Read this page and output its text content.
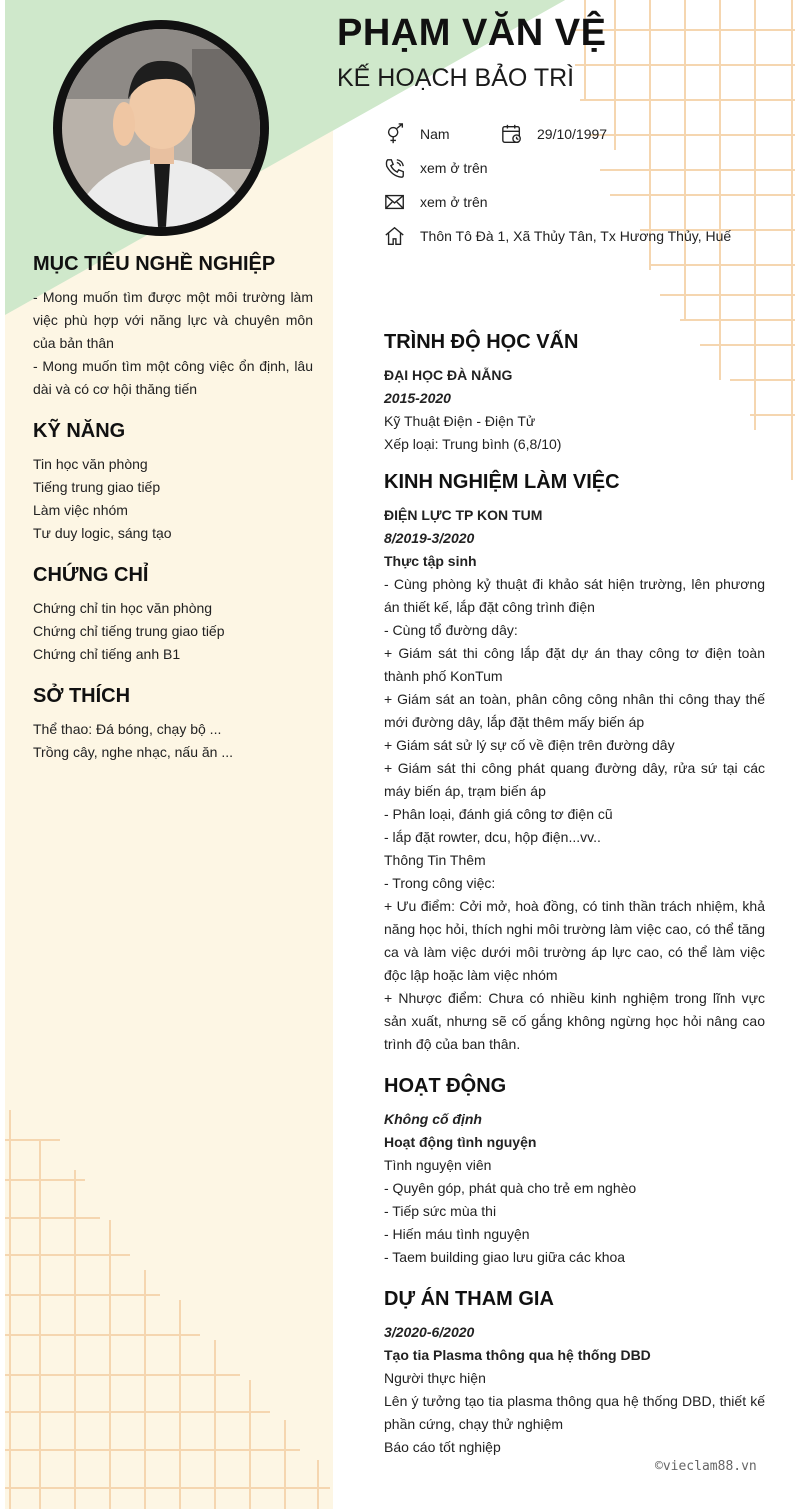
PHẠM VĂN VỆ
KẾ HOẠCH BẢO TRÌ
Nam	29/10/1997
xem ở trên
xem ở trên
Thôn Tô Đà 1, Xã Thủy Tân, Tx Hương Thủy, Huế
MỤC TIÊU NGHỀ NGHIỆP
- Mong muốn tìm được một môi trường làm việc phù hợp với năng lực và chuyên môn của bản thân
- Mong muốn tìm một công việc ổn định, lâu dài và có cơ hội thăng tiến
KỸ NĂNG
Tin học văn phòng
Tiếng trung giao tiếp
Làm việc nhóm
Tư duy logic, sáng tạo
CHỨNG CHỈ
Chứng chỉ tin học văn phòng
Chứng chỉ tiếng trung giao tiếp
Chứng chỉ tiếng anh B1
SỞ THÍCH
Thể thao: Đá bóng, chạy bộ ...
Trồng cây, nghe nhạc, nấu ăn ...
TRÌNH ĐỘ HỌC VẤN
ĐẠI HỌC ĐÀ NẴNG
2015-2020
Kỹ Thuật Điện - Điện Tử
Xếp loại: Trung bình (6,8/10)
KINH NGHIỆM LÀM VIỆC
ĐIỆN LỰC TP KON TUM
8/2019-3/2020
Thực tập sinh
- Cùng phòng kỷ thuật đi khảo sát hiện trường, lên phương án thiết kế, lắp đặt công trình điện
- Cùng tổ đường dây:
+ Giám sát thi công lắp đặt dự án thay công tơ điện toàn thành phố KonTum
+ Giám sát an toàn, phân công công nhân thi công thay thế mới đường dây, lắp đặt thêm mấy biến áp
+ Giám sát sử lý sự cố về điện trên đường dây
+ Giám sát thi công phát quang đường dây, rửa sứ tại các máy biến áp, trạm biến áp
- Phân loại, đánh giá công tơ điện cũ
- lắp đặt rowter, dcu, hộp điện...vv..
Thông Tin Thêm
- Trong công việc:
+ Ưu điểm: Cởi mở, hoà đồng, có tinh thần trách nhiệm, khả năng học hỏi, thích nghi môi trường làm việc cao, có thể tăng ca và làm việc dưới môi trường áp lực cao, có thể làm việc độc lập hoặc làm việc nhóm
+ Nhược điểm: Chưa có nhiều kinh nghiệm trong lĩnh vực sản xuất, nhưng sẽ cố gắng không ngừng học hỏi nâng cao trình độ của ban thân.
HOẠT ĐỘNG
Không cố định
Hoạt động tình nguyện
Tình nguyện viên
- Quyên góp, phát quà cho trẻ em nghèo
- Tiếp sức mùa thi
- Hiến máu tình nguyện
- Taem building giao lưu giữa các khoa
DỰ ÁN THAM GIA
3/2020-6/2020
Tạo tia Plasma thông qua hệ thống DBD
Người thực hiện
Lên ý tưởng tạo tia plasma thông qua hệ thống DBD, thiết kế phần cứng, chạy thử nghiệm
Báo cáo tốt nghiệp
©vieclam88.vn
